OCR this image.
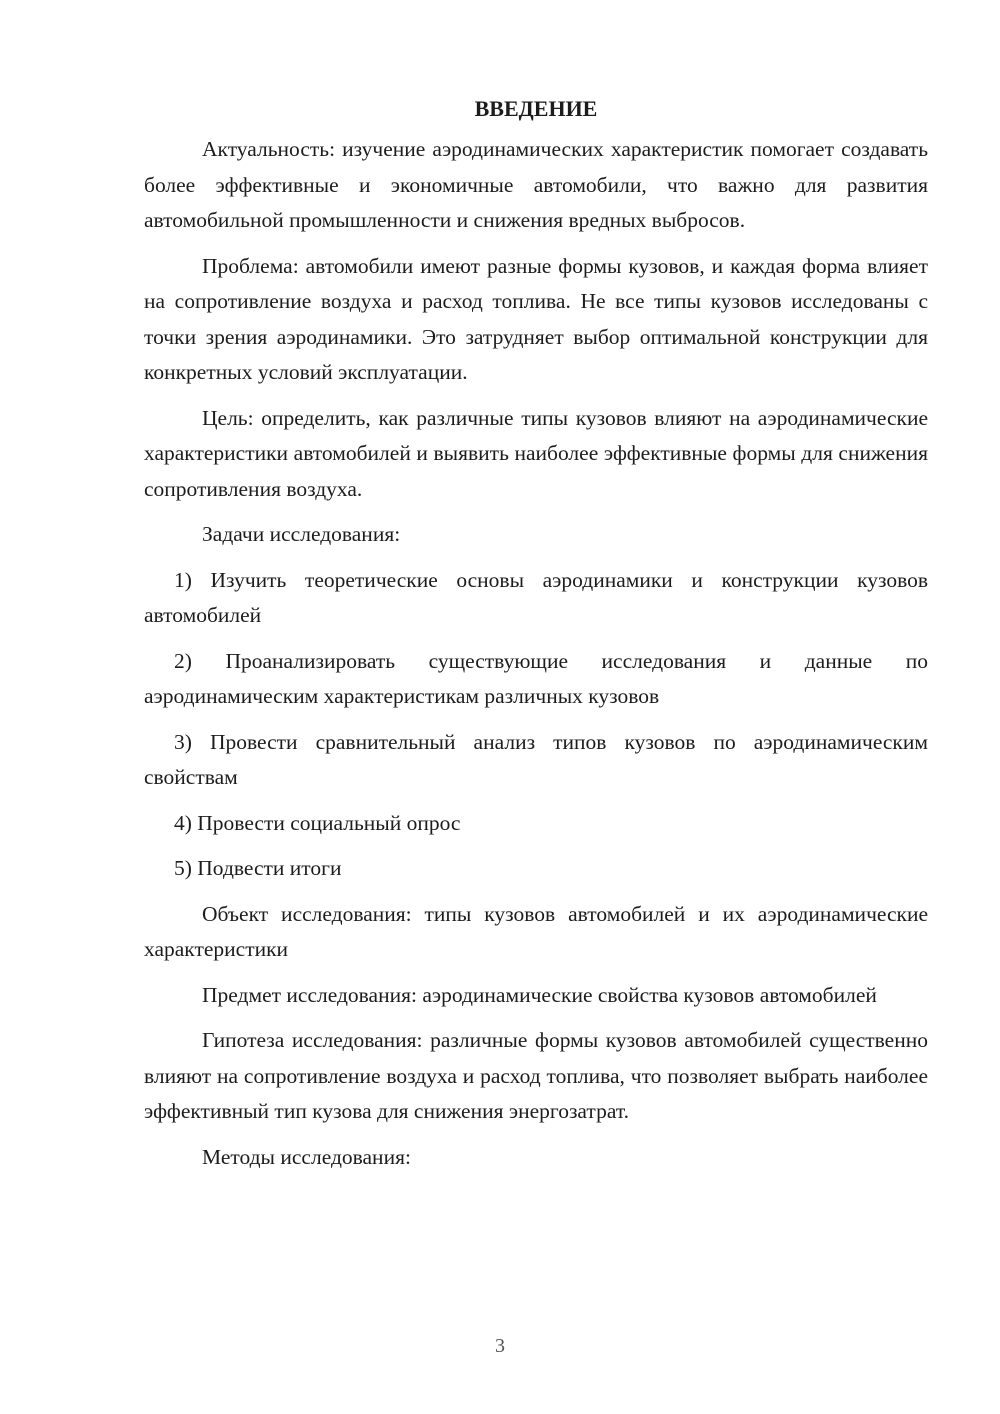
ВВЕДЕНИЕ

Актуальность: изучение аэродинамических характеристик помогает создавать более эффективные и экономичные автомобили, что важно для развития автомобильной промышленности и снижения вредных выбросов.

Проблема: автомобили имеют разные формы кузовов, и каждая форма влияет на сопротивление воздуха и расход топлива. Не все типы кузовов исследованы с точки зрения аэродинамики. Это затрудняет выбор оптимальной конструкции для конкретных условий эксплуатации.

Цель: определить, как различные типы кузовов влияют на аэродинамические характеристики автомобилей и выявить наиболее эффективные формы для снижения сопротивления воздуха.

Задачи исследования:

1) Изучить теоретические основы аэродинамики и конструкции кузовов автомобилей

2) Проанализировать существующие исследования и данные по аэродинамическим характеристикам различных кузовов

3) Провести сравнительный анализ типов кузовов по аэродинамическим свойствам

4) Провести социальный опрос

5) Подвести итоги

Объект исследования: типы кузовов автомобилей и их аэродинамические характеристики

Предмет исследования: аэродинамические свойства кузовов автомобилей

Гипотеза исследования: различные формы кузовов автомобилей существенно влияют на сопротивление воздуха и расход топлива, что позволяет выбрать наиболее эффективный тип кузова для снижения энергозатрат.

Методы исследования:

3
